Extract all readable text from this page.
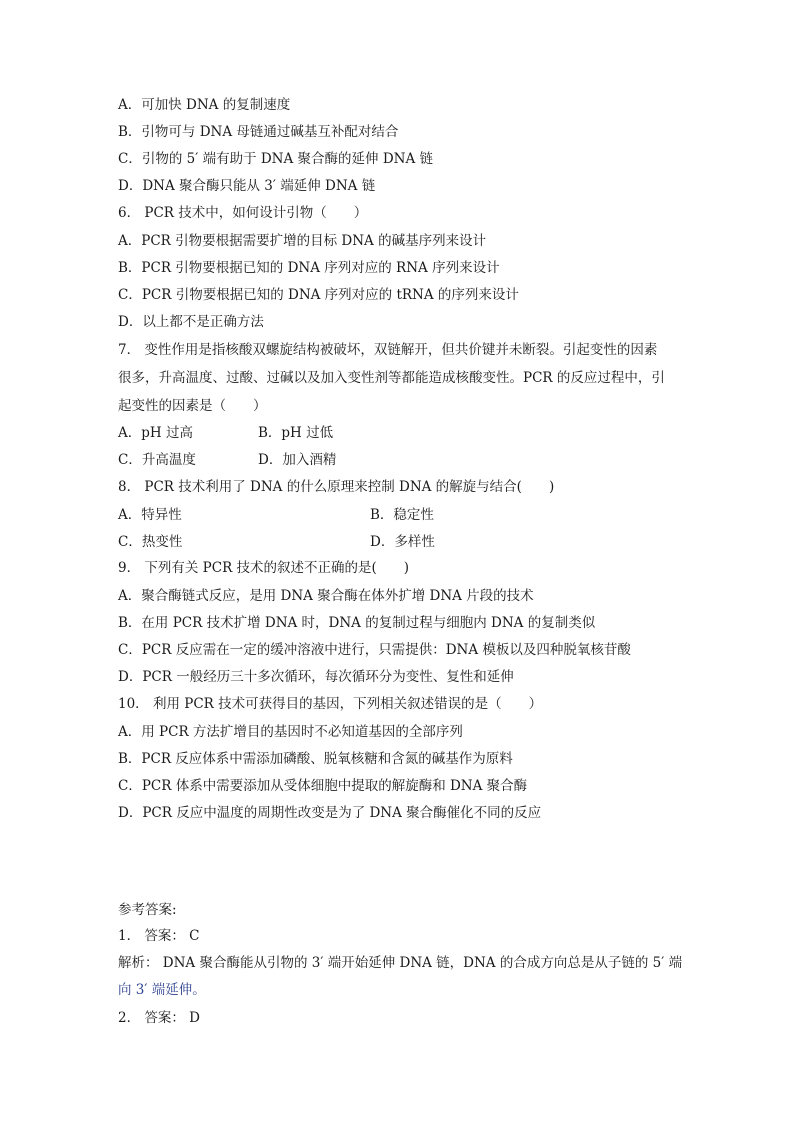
A．可加快 DNA 的复制速度
B．引物可与 DNA 母链通过碱基互补配对结合
C．引物的 5′ 端有助于 DNA 聚合酶的延伸 DNA 链
D．DNA 聚合酶只能从 3′ 端延伸 DNA 链
6． PCR 技术中，如何设计引物（　　）
A．PCR 引物要根据需要扩增的目标 DNA 的碱基序列来设计
B．PCR 引物要根据已知的 DNA 序列对应的 RNA 序列来设计
C．PCR 引物要根据已知的 DNA 序列对应的 tRNA 的序列来设计
D．以上都不是正确方法
7． 变性作用是指核酸双螺旋结构被破坏，双链解开，但共价键并未断裂。引起变性的因素
很多，升高温度、过酸、过碱以及加入变性剂等都能造成核酸变性。PCR 的反应过程中，引
起变性的因素是（　　）
A．pH 过高	B．pH 过低
C．升高温度	D．加入酒精
8． PCR 技术利用了 DNA 的什么原理来控制 DNA 的解旋与结合(　　)
A．特异性	B．稳定性
C．热变性	D．多样性
9． 下列有关 PCR 技术的叙述不正确的是(　　)
A．聚合酶链式反应，是用 DNA 聚合酶在体外扩增 DNA 片段的技术
B．在用 PCR 技术扩增 DNA 时，DNA 的复制过程与细胞内 DNA 的复制类似
C．PCR 反应需在一定的缓冲溶液中进行，只需提供：DNA 模板以及四种脱氧核苷酸
D．PCR 一般经历三十多次循环，每次循环分为变性、复性和延伸
10． 利用 PCR 技术可获得目的基因，下列相关叙述错误的是（　　）
A．用 PCR 方法扩增目的基因时不必知道基因的全部序列
B．PCR 反应体系中需添加磷酸、脱氧核糖和含氮的碱基作为原料
C．PCR 体系中需要添加从受体细胞中提取的解旋酶和 DNA 聚合酶
D．PCR 反应中温度的周期性改变是为了 DNA 聚合酶催化不同的反应
参考答案:
1． 答案： C
解析： DNA 聚合酶能从引物的 3′ 端开始延伸 DNA 链，DNA 的合成方向总是从子链的 5′ 端
向 3′ 端延伸。
2． 答案： D
